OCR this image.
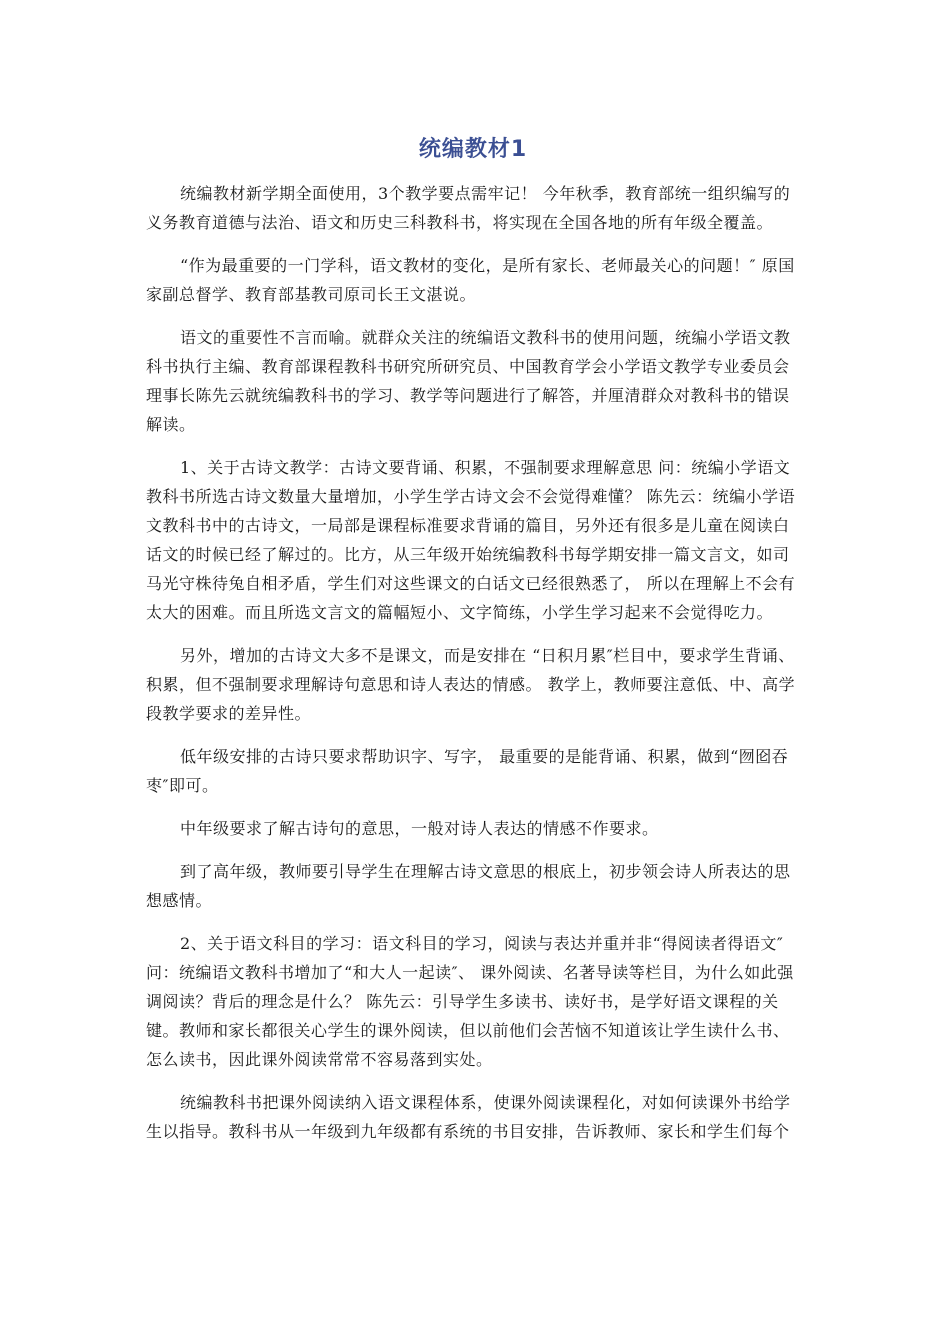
统编教材1

统编教材新学期全面使用，3个教学要点需牢记！ 今年秋季，教育部统一组织编写的义务教育道德与法治、语文和历史三科教科书，将实现在全国各地的所有年级全覆盖。

“作为最重要的一门学科，语文教材的变化，是所有家长、老师最关心的问题！″ 原国家副总督学、教育部基教司原司长王文湛说。

语文的重要性不言而喻。就群众关注的统编语文教科书的使用问题，统编小学语文教科书执行主编、教育部课程教科书研究所研究员、中国教育学会小学语文教学专业委员会理事长陈先云就统编教科书的学习、教学等问题进行了解答，并厘清群众对教科书的错误解读。

1、关于古诗文教学：古诗文要背诵、积累，不强制要求理解意思 问：统编小学语文教科书所选古诗文数量大量增加，小学生学古诗文会不会觉得难懂？ 陈先云：统编小学语文教科书中的古诗文，一局部是课程标准要求背诵的篇目，另外还有很多是儿童在阅读白话文的时候已经了解过的。比方，从三年级开始统编教科书每学期安排一篇文言文，如司马光守株待兔自相矛盾，学生们对这些课文的白话文已经很熟悉了， 所以在理解上不会有太大的困难。而且所选文言文的篇幅短小、文字简练，小学生学习起来不会觉得吃力。

另外，增加的古诗文大多不是课文，而是安排在 “日积月累″栏目中，要求学生背诵、积累，但不强制要求理解诗句意思和诗人表达的情感。 教学上，教师要注意低、中、高学段教学要求的差异性。

低年级安排的古诗只要求帮助识字、写字， 最重要的是能背诵、积累，做到“囫囵吞枣″即可。

中年级要求了解古诗句的意思，一般对诗人表达的情感不作要求。

到了高年级，教师要引导学生在理解古诗文意思的根底上，初步领会诗人所表达的思想感情。

2、关于语文科目的学习：语文科目的学习，阅读与表达并重并非“得阅读者得语文″ 问：统编语文教科书增加了“和大人一起读″、 课外阅读、名著导读等栏目，为什么如此强调阅读？背后的理念是什么？ 陈先云：引导学生多读书、读好书，是学好语文课程的关键。教师和家长都很关心学生的课外阅读，但以前他们会苦恼不知道该让学生读什么书、怎么读书，因此课外阅读常常不容易落到实处。

统编教科书把课外阅读纳入语文课程体系，使课外阅读课程化，对如何读课外书给学生以指导。教科书从一年级到九年级都有系统的书目安排，告诉教师、家长和学生们每个
